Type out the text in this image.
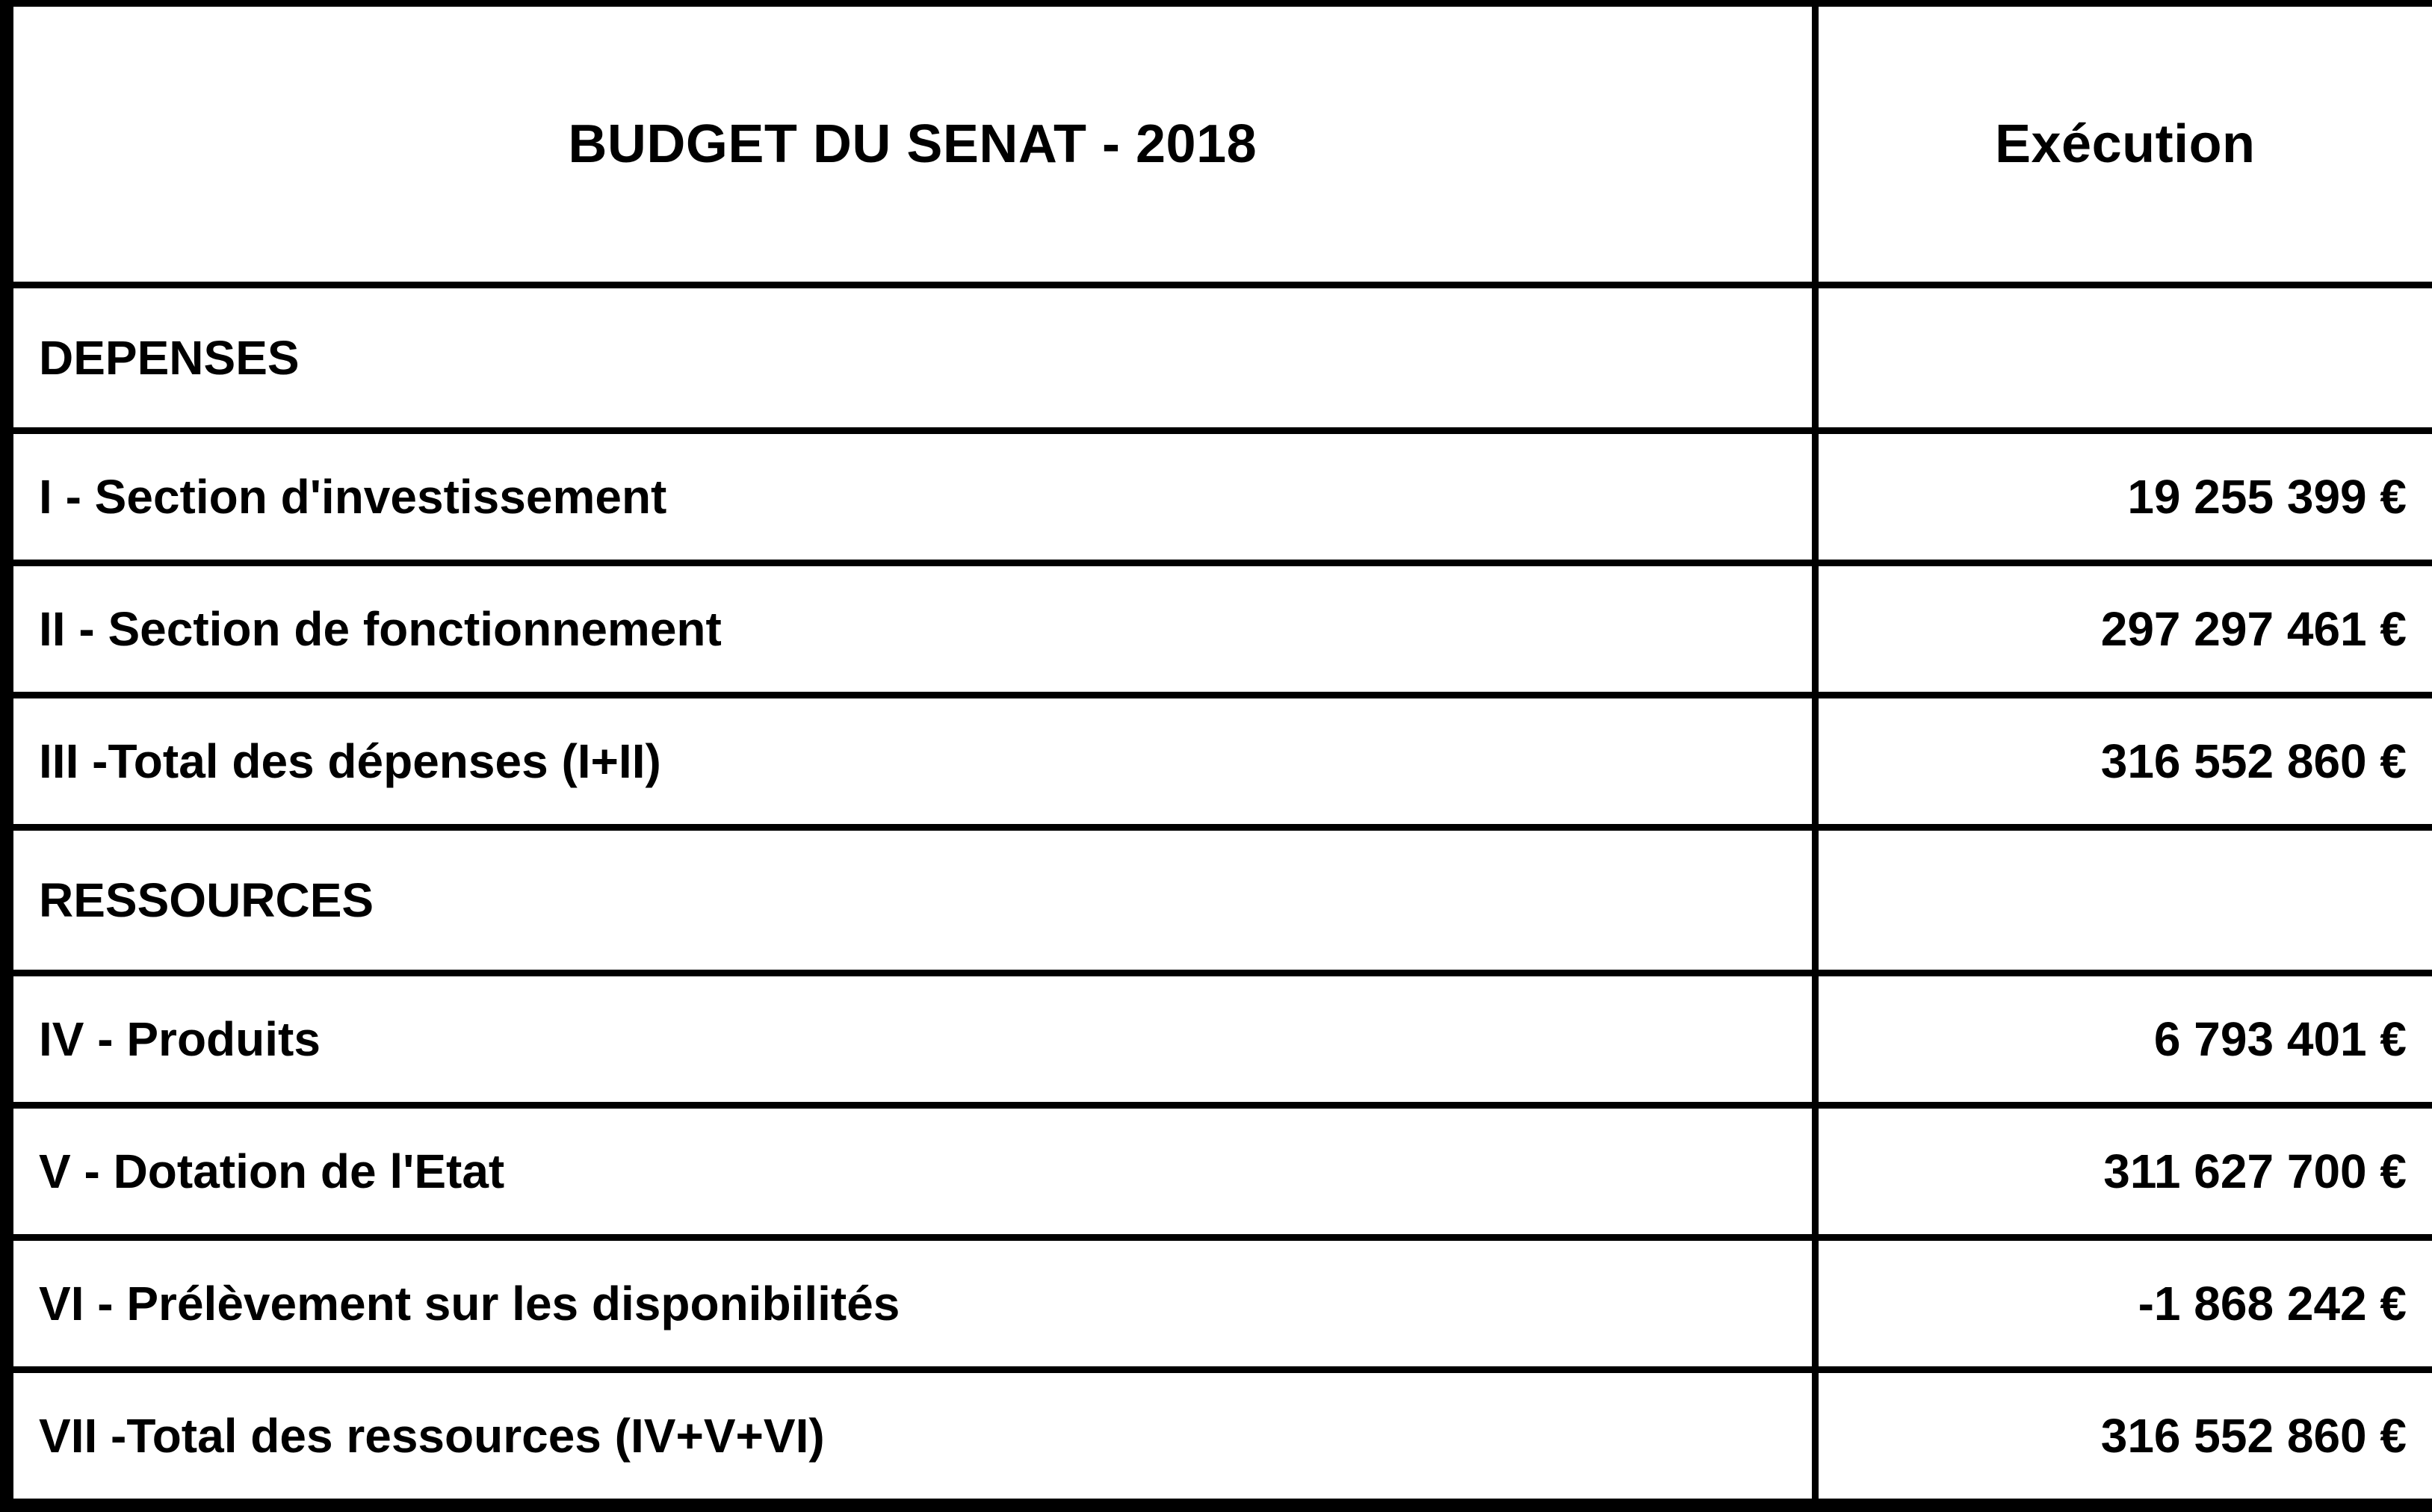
BUDGET DU SENAT - 2018	Exécution
DEPENSES	
I - Section d'investissement	19 255 399 €
II - Section de fonctionnement	297 297 461 €
III -Total des dépenses (I+II)	316 552 860 €
RESSOURCES	
IV - Produits	6 793 401 €
V - Dotation de l'Etat	311 627 700 €
VI - Prélèvement sur les disponibilités	-1 868 242 €
VII -Total des ressources (IV+V+VI)	316 552 860 €
